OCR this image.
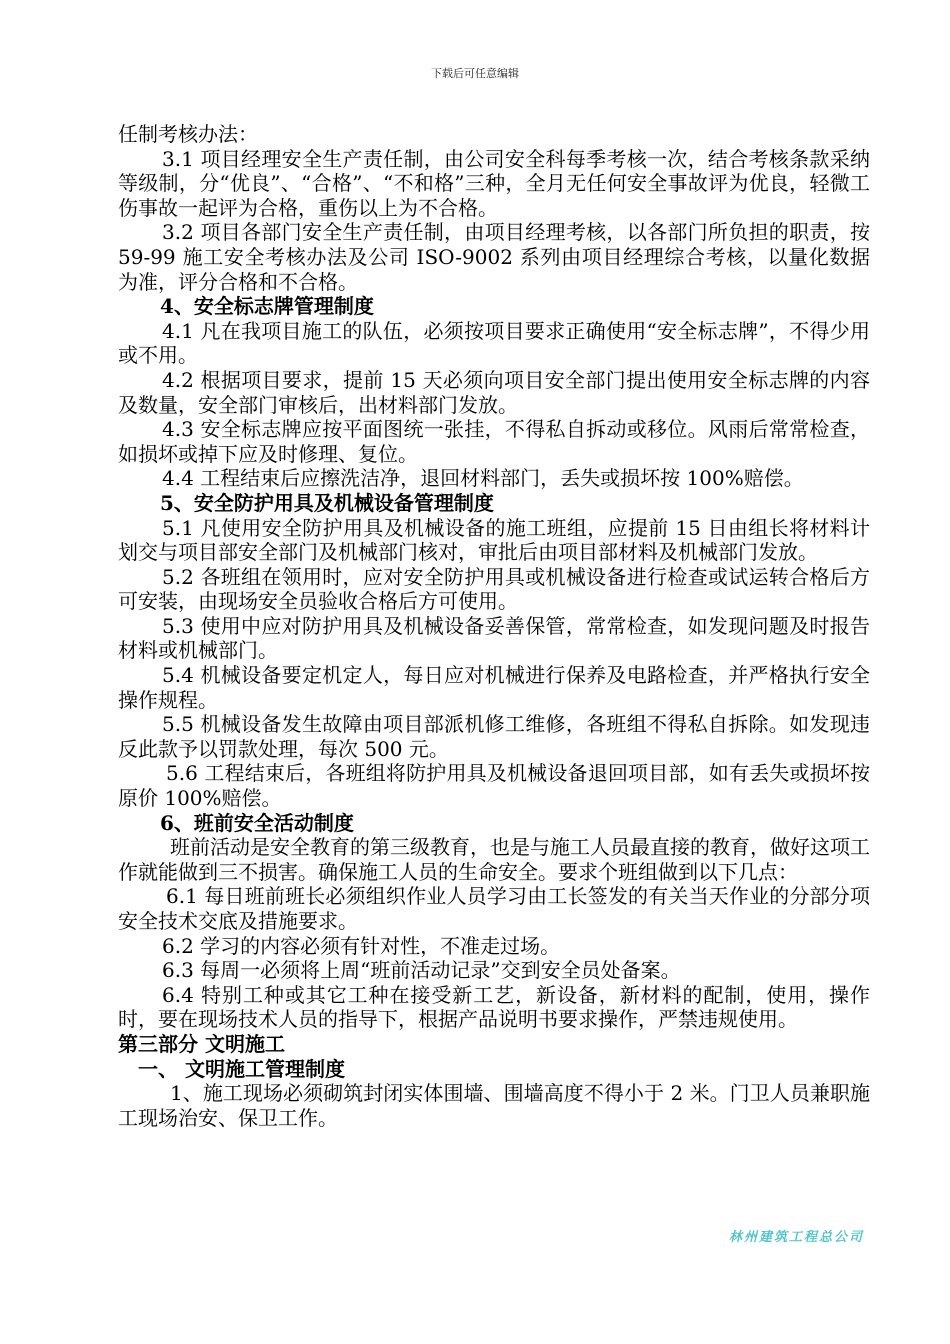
下载后可任意编辑

任制考核办法：

3.1 项目经理安全生产责任制，由公司安全科每季考核一次，结合考核条款采纳等级制，分“优良”、“合格”、“不和格”三种，全月无任何安全事故评为优良，轻微工伤事故一起评为合格，重伤以上为不合格。

3.2 项目各部门安全生产责任制，由项目经理考核，以各部门所负担的职责，按 59-99 施工安全考核办法及公司 ISO-9002 系列由项目经理综合考核，以量化数据为准，评分合格和不合格。

4、安全标志牌管理制度

4.1 凡在我项目施工的队伍，必须按项目要求正确使用“安全标志牌”，不得少用或不用。

4.2 根据项目要求，提前 15 天必须向项目安全部门提出使用安全标志牌的内容及数量，安全部门审核后，出材料部门发放。

4.3 安全标志牌应按平面图统一张挂，不得私自拆动或移位。风雨后常常检查，如损坏或掉下应及时修理、复位。

4.4 工程结束后应擦洗洁净，退回材料部门，丢失或损坏按 100%赔偿。

5、安全防护用具及机械设备管理制度

5.1 凡使用安全防护用具及机械设备的施工班组，应提前 15 日由组长将材料计划交与项目部安全部门及机械部门核对，审批后由项目部材料及机械部门发放。

5.2 各班组在领用时，应对安全防护用具或机械设备进行检查或试运转合格后方可安装，由现场安全员验收合格后方可使用。

5.3 使用中应对防护用具及机械设备妥善保管，常常检查，如发现问题及时报告材料或机械部门。

5.4 机械设备要定机定人，每日应对机械进行保养及电路检查，并严格执行安全操作规程。

5.5 机械设备发生故障由项目部派机修工维修，各班组不得私自拆除。如发现违反此款予以罚款处理，每次 500 元。

5.6 工程结束后，各班组将防护用具及机械设备退回项目部，如有丢失或损坏按原价 100%赔偿。

6、班前安全活动制度

班前活动是安全教育的第三级教育，也是与施工人员最直接的教育，做好这项工作就能做到三不损害。确保施工人员的生命安全。要求个班组做到以下几点：

6.1 每日班前班长必须组织作业人员学习由工长签发的有关当天作业的分部分项安全技术交底及措施要求。

6.2 学习的内容必须有针对性，不准走过场。

6.3 每周一必须将上周“班前活动记录”交到安全员处备案。

6.4 特别工种或其它工种在接受新工艺，新设备，新材料的配制，使用，操作时，要在现场技术人员的指导下，根据产品说明书要求操作，严禁违规使用。

第三部分 文明施工

一、 文明施工管理制度

1、施工现场必须砌筑封闭实体围墙、围墙高度不得小于 2 米。门卫人员兼职施工现场治安、保卫工作。

林州建筑工程总公司
